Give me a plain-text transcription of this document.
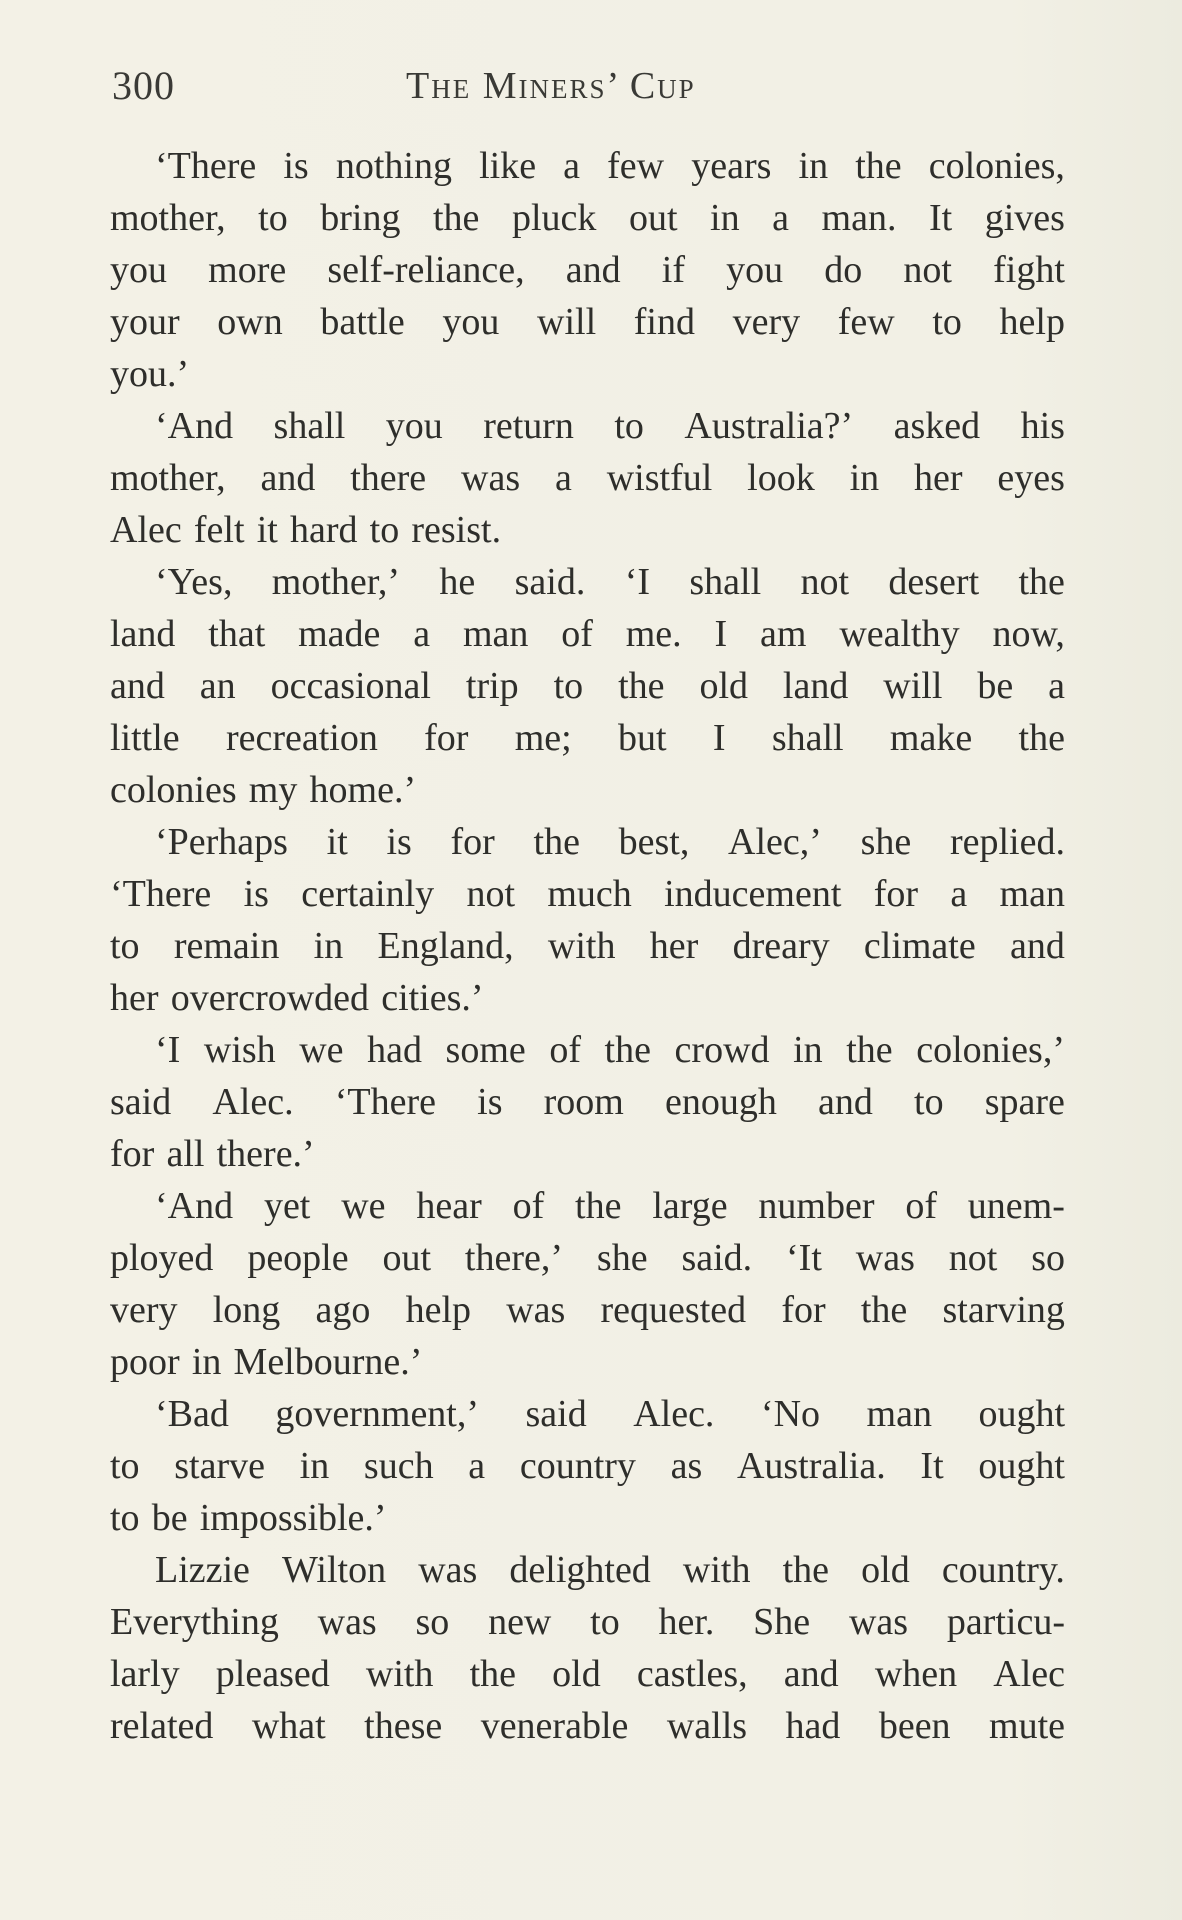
300	The Miners’ Cup
‘There is nothing like a few years in the colonies,
mother, to bring the pluck out in a man. It gives
you more self-reliance, and if you do not fight
your own battle you will find very few to help
you.’
‘And shall you return to Australia?’ asked his
mother, and there was a wistful look in her eyes
Alec felt it hard to resist.
‘Yes, mother,’ he said. ‘I shall not desert the
land that made a man of me. I am wealthy now,
and an occasional trip to the old land will be a
little recreation for me; but I shall make the
colonies my home.’
‘Perhaps it is for the best, Alec,’ she replied.
‘There is certainly not much inducement for a man
to remain in England, with her dreary climate and
her overcrowded cities.’
‘I wish we had some of the crowd in the colonies,’
said Alec. ‘There is room enough and to spare
for all there.’
‘And yet we hear of the large number of unem-
ployed people out there,’ she said. ‘It was not so
very long ago help was requested for the starving
poor in Melbourne.’
‘Bad government,’ said Alec. ‘No man ought
to starve in such a country as Australia. It ought
to be impossible.’
Lizzie Wilton was delighted with the old country.
Everything was so new to her. She was particu-
larly pleased with the old castles, and when Alec
related what these venerable walls had been mute
